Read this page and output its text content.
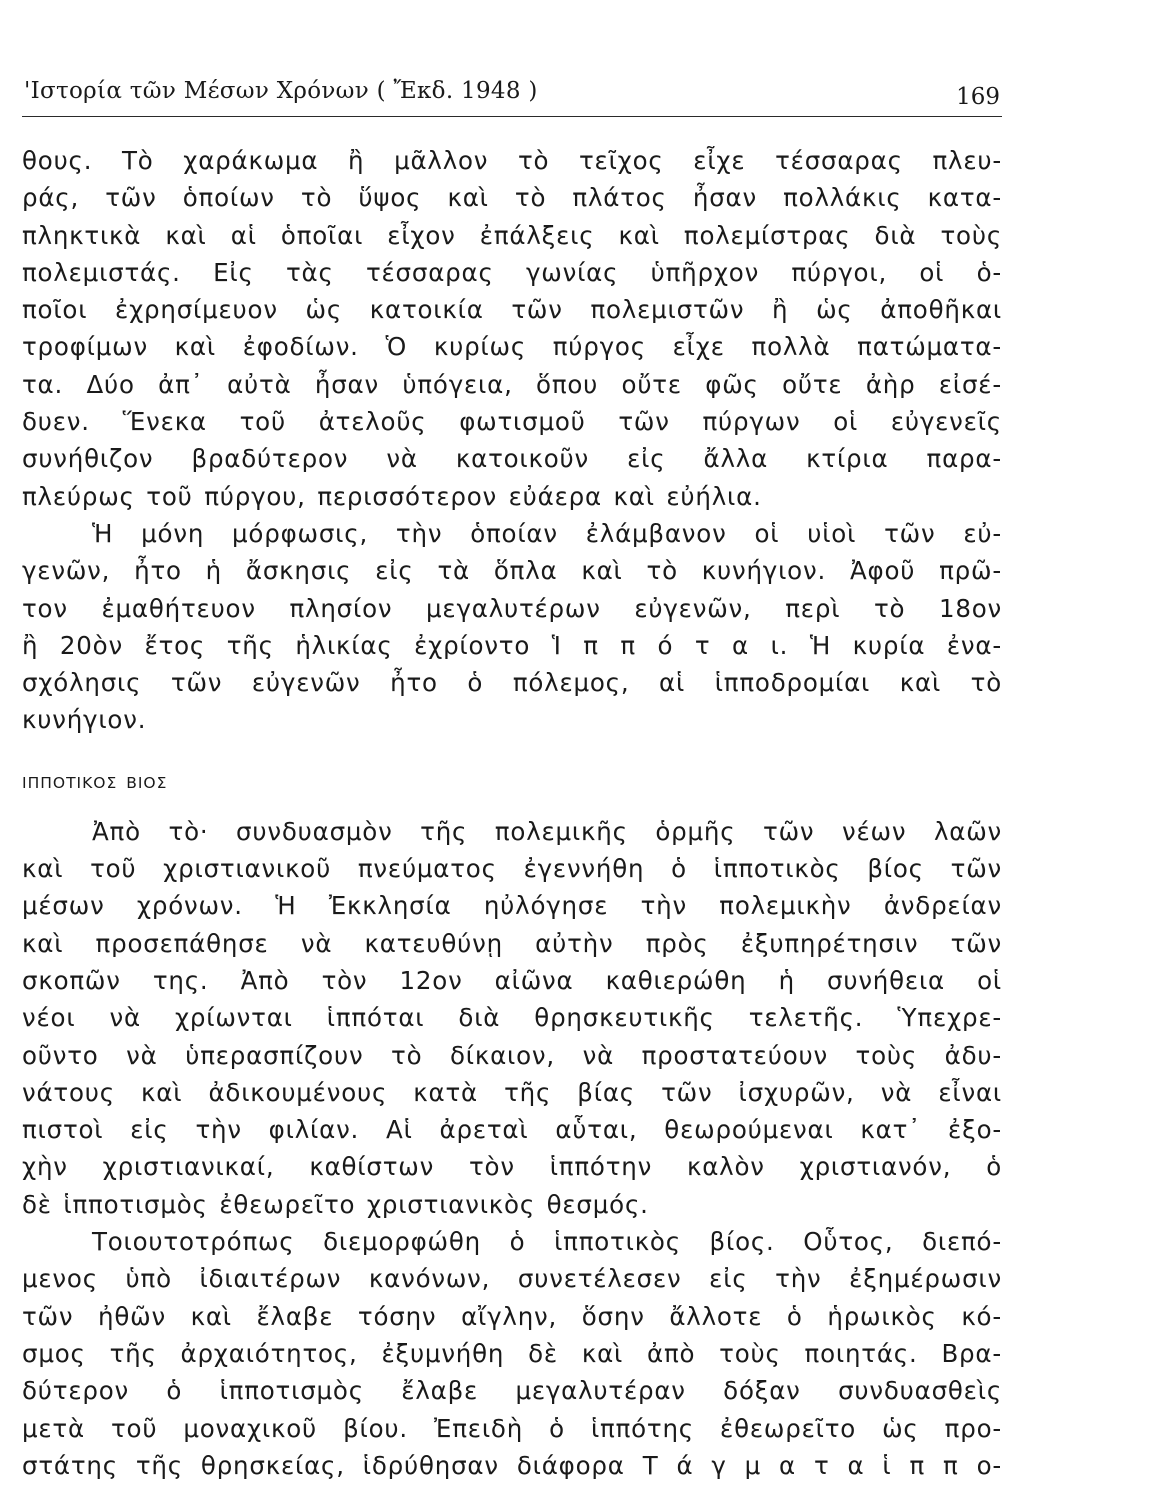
'Ιστορία τῶν Μέσων Χρόνων ( Ἔκδ. 1948 )	169
θους. Τὸ χαράκωμα ἢ μᾶλλον τὸ τεῖχος εἶχε τέσσαρας πλευ-
ράς, τῶν ὁποίων τὸ ὕψος καὶ τὸ πλάτος ἦσαν πολλάκις κατα-
πληκτικὰ καὶ αἱ ὁποῖαι εἶχον ἐπάλξεις καὶ πολεμίστρας διὰ τοὺς
πολεμιστάς. Εἰς τὰς τέσσαρας γωνίας ὑπῆρχον πύργοι, οἱ ὁ-
ποῖοι ἐχρησίμευον ὡς κατοικία τῶν πολεμιστῶν ἢ ὡς ἀποθῆκαι
τροφίμων καὶ ἐφοδίων. Ὁ κυρίως πύργος εἶχε πολλὰ πατώματα-
τα. Δύο ἀπ᾽ αὐτὰ ἦσαν ὑπόγεια, ὅπου οὔτε φῶς οὔτε ἀὴρ εἰσέ-
δυεν. Ἕνεκα τοῦ ἀτελοῦς φωτισμοῦ τῶν πύργων οἱ εὐγενεῖς
συνήθιζον βραδύτερον νὰ κατοικοῦν εἰς ἄλλα κτίρια παρα-
πλεύρως τοῦ πύργου, περισσότερον εὐάερα καὶ εὐήλια.
Ἡ μόνη μόρφωσις, τὴν ὁποίαν ἐλάμβανον οἱ υἱοὶ τῶν εὐ-
γενῶν, ἦτο ἡ ἄσκησις εἰς τὰ ὅπλα καὶ τὸ κυνήγιον. Ἀφοῦ πρῶ-
τον ἐμαθήτευον πλησίον μεγαλυτέρων εὐγενῶν, περὶ τὸ 18ον
ἢ 20ὸν ἔτος τῆς ἡλικίας ἐχρίοντο Ἱ π π ό τ α ι. Ἡ κυρία ἐνα-
σχόλησις τῶν εὐγενῶν ἦτο ὁ πόλεμος, αἱ ἱπποδρομίαι καὶ τὸ
κυνήγιον.
ΙΠΠΟΤΙΚΟΣ ΒΙΟΣ
Ἀπὸ τὸ· συνδυασμὸν τῆς πολεμικῆς ὁρμῆς τῶν νέων λαῶν
καὶ τοῦ χριστιανικοῦ πνεύματος ἐγεννήθη ὁ ἱπποτικὸς βίος τῶν
μέσων χρόνων. Ἡ Ἐκκλησία ηὐλόγησε τὴν πολεμικὴν ἀνδρείαν
καὶ προσεπάθησε νὰ κατευθύνῃ αὐτὴν πρὸς ἐξυπηρέτησιν τῶν
σκοπῶν της. Ἀπὸ τὸν 12ον αἰῶνα καθιερώθη ἡ συνήθεια οἱ
νέοι νὰ χρίωνται ἱππόται διὰ θρησκευτικῆς τελετῆς. Ὑπεχρε-
οῦντο νὰ ὑπερασπίζουν τὸ δίκαιον, νὰ προστατεύουν τοὺς ἀδυ-
νάτους καὶ ἀδικουμένους κατὰ τῆς βίας τῶν ἰσχυρῶν, νὰ εἶναι
πιστοὶ εἰς τὴν φιλίαν. Αἱ ἀρεταὶ αὗται, θεωρούμεναι κατ᾽ ἐξο-
χὴν χριστιανικαί, καθίστων τὸν ἱππότην καλὸν χριστιανόν, ὁ
δὲ ἱπποτισμὸς ἐθεωρεῖτο χριστιανικὸς θεσμός.
Τοιουτοτρόπως διεμορφώθη ὁ ἱπποτικὸς βίος. Οὗτος, διεπό-
μενος ὑπὸ ἰδιαιτέρων κανόνων, συνετέλεσεν εἰς τὴν ἐξημέρωσιν
τῶν ἠθῶν καὶ ἔλαβε τόσην αἴγλην, ὅσην ἄλλοτε ὁ ἡρωικὸς κό-
σμος τῆς ἀρχαιότητος, ἐξυμνήθη δὲ καὶ ἀπὸ τοὺς ποιητάς. Βρα-
δύτερον ὁ ἱπποτισμὸς ἔλαβε μεγαλυτέραν δόξαν συνδυασθεὶς
μετὰ τοῦ μοναχικοῦ βίου. Ἐπειδὴ ὁ ἱππότης ἐθεωρεῖτο ὡς προ-
στάτης τῆς θρησκείας, ἱδρύθησαν διάφορα Τ ά γ μ α τ α ἱ π π ο-
